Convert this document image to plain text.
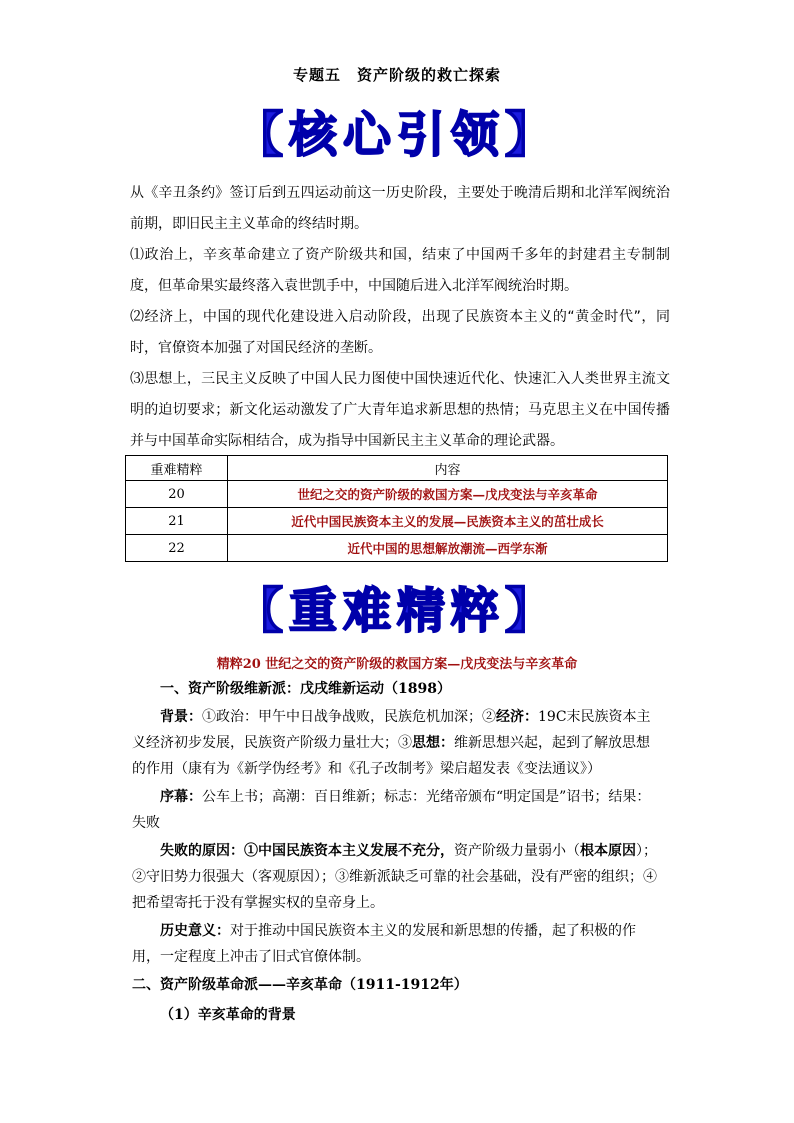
专题五　资产阶级的救亡探索
【核心引领】

从《辛丑条约》签订后到五四运动前这一历史阶段，主要处于晚清后期和北洋军阀统治前期，即旧民主主义革命的终结时期。

⑴政治上，辛亥革命建立了资产阶级共和国，结束了中国两千多年的封建君主专制制度，但革命果实最终落入袁世凯手中，中国随后进入北洋军阀统治时期。

⑵经济上，中国的现代化建设进入启动阶段，出现了民族资本主义的“黄金时代”，同时，官僚资本加强了对国民经济的垄断。

⑶思想上，三民主义反映了中国人民力图使中国快速近代化、快速汇入人类世界主流文明的迫切要求；新文化运动激发了广大青年追求新思想的热情；马克思主义在中国传播并与中国革命实际相结合，成为指导中国新民主主义革命的理论武器。

重难精粹	内容
20	世纪之交的资产阶级的救国方案—戊戌变法与辛亥革命
21	近代中国民族资本主义的发展—民族资本主义的茁壮成长
22	近代中国的思想解放潮流—西学东渐
【重难精粹】
精粹20 世纪之交的资产阶级的救国方案—戊戌变法与辛亥革命

一、资产阶级维新派：戊戌维新运动（1898）

背景：①政治：甲午中日战争战败，民族危机加深；②经济：19C末民族资本主义经济初步发展，民族资产阶级力量壮大；③思想：维新思想兴起，起到了解放思想的作用（康有为《新学伪经考》和《孔子改制考》梁启超发表《变法通议》）

序幕：公车上书；高潮：百日维新；标志：光绪帝颁布“明定国是”诏书；结果：失败

失败的原因：①中国民族资本主义发展不充分，资产阶级力量弱小（根本原因）；②守旧势力很强大（客观原因）；③维新派缺乏可靠的社会基础，没有严密的组织；④把希望寄托于没有掌握实权的皇帝身上。

历史意义：对于推动中国民族资本主义的发展和新思想的传播，起了积极的作用，一定程度上冲击了旧式官僚体制。

二、资产阶级革命派——辛亥革命（1911-1912年）

（1）辛亥革命的背景
